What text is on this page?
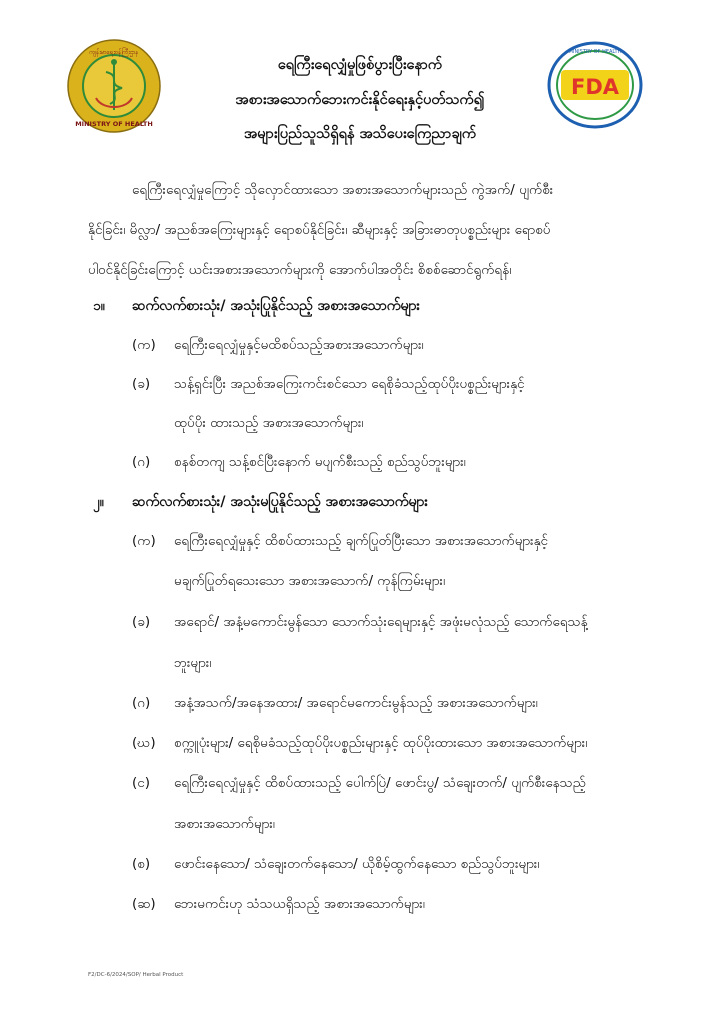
ကျန်းမာရေးဝန်ကြီးဌာန
MINISTRY OF HEALTH
FDA
MINISTRY OF HEALTH
ရေကြီးရေလျှံမှုဖြစ်ပွားပြီးနောက်
အစားအသောက်ဘေးကင်းနိုင်ရေးနှင့်ပတ်သက်၍
အများပြည်သူသိရှိရန် အသိပေးကြေညာချက်
ရေကြီးရေလျှံမှုကြောင့် သိုလှောင်ထားသော အစားအသောက်များသည် ကွဲအက်/ ပျက်စီး
နိုင်ခြင်း၊ မိလ္လာ/ အညစ်အကြေးများနှင့် ရောစပ်နိုင်ခြင်း၊ ဆီများနှင့် အခြားဓာတုပစ္စည်းများ ရောစပ်
ပါဝင်နိုင်ခြင်းကြောင့် ယင်းအစားအသောက်များကို အောက်ပါအတိုင်း စိစစ်ဆောင်ရွက်ရန်၊
၁။ ဆက်လက်စားသုံး/ အသုံးပြုနိုင်သည့် အစားအသောက်များ
(က) ရေကြီးရေလျှံမှုနှင့်မထိစပ်သည့်အစားအသောက်များ၊
(ခ) သန့်ရှင်းပြီး အညစ်အကြေးကင်းစင်သော ရေစိုခံသည့်ထုပ်ပိုးပစ္စည်းများနှင့်
ထုပ်ပိုး ထားသည့် အစားအသောက်များ၊
(ဂ) စနစ်တကျ သန့်စင်ပြီးနောက် မပျက်စီးသည့် စည်သွပ်ဘူးများ၊
၂။ ဆက်လက်စားသုံး/ အသုံးမပြုနိုင်သည့် အစားအသောက်များ
(က) ရေကြီးရေလျှံမှုနှင့် ထိစပ်ထားသည့် ချက်ပြုတ်ပြီးသော အစားအသောက်များနှင့်
မချက်ပြုတ်ရသေးသော အစားအသောက်/ ကုန်ကြမ်းများ၊
(ခ) အရောင်/ အနံ့မကောင်းမွန်သော သောက်သုံးရေများနှင့် အဖုံးမလုံသည့် သောက်ရေသန့်
ဘူးများ၊
(ဂ) အနံ့အသက်/အနေအထား/ အရောင်မကောင်းမွန်သည့် အစားအသောက်များ၊
(ဃ) စက္ကူပုံးများ/ ရေစိုမခံသည့်ထုပ်ပိုးပစ္စည်းများနှင့် ထုပ်ပိုးထားသော အစားအသောက်များ၊
(င) ရေကြီးရေလျှံမှုနှင့် ထိစပ်ထားသည့် ပေါက်ပြဲ/ ဖောင်းပွ/ သံချေးတက်/ ပျက်စီးနေသည့်
အစားအသောက်များ၊
(စ) ဖောင်းနေသော/ သံချေးတက်နေသော/ ယိုစိမ့်ထွက်နေသော စည်သွပ်ဘူးများ၊
(ဆ) ဘေးမကင်းဟု သံသယရှိသည့် အစားအသောက်များ၊
F2/DC-6/2024/SOP/ Herbal Product
